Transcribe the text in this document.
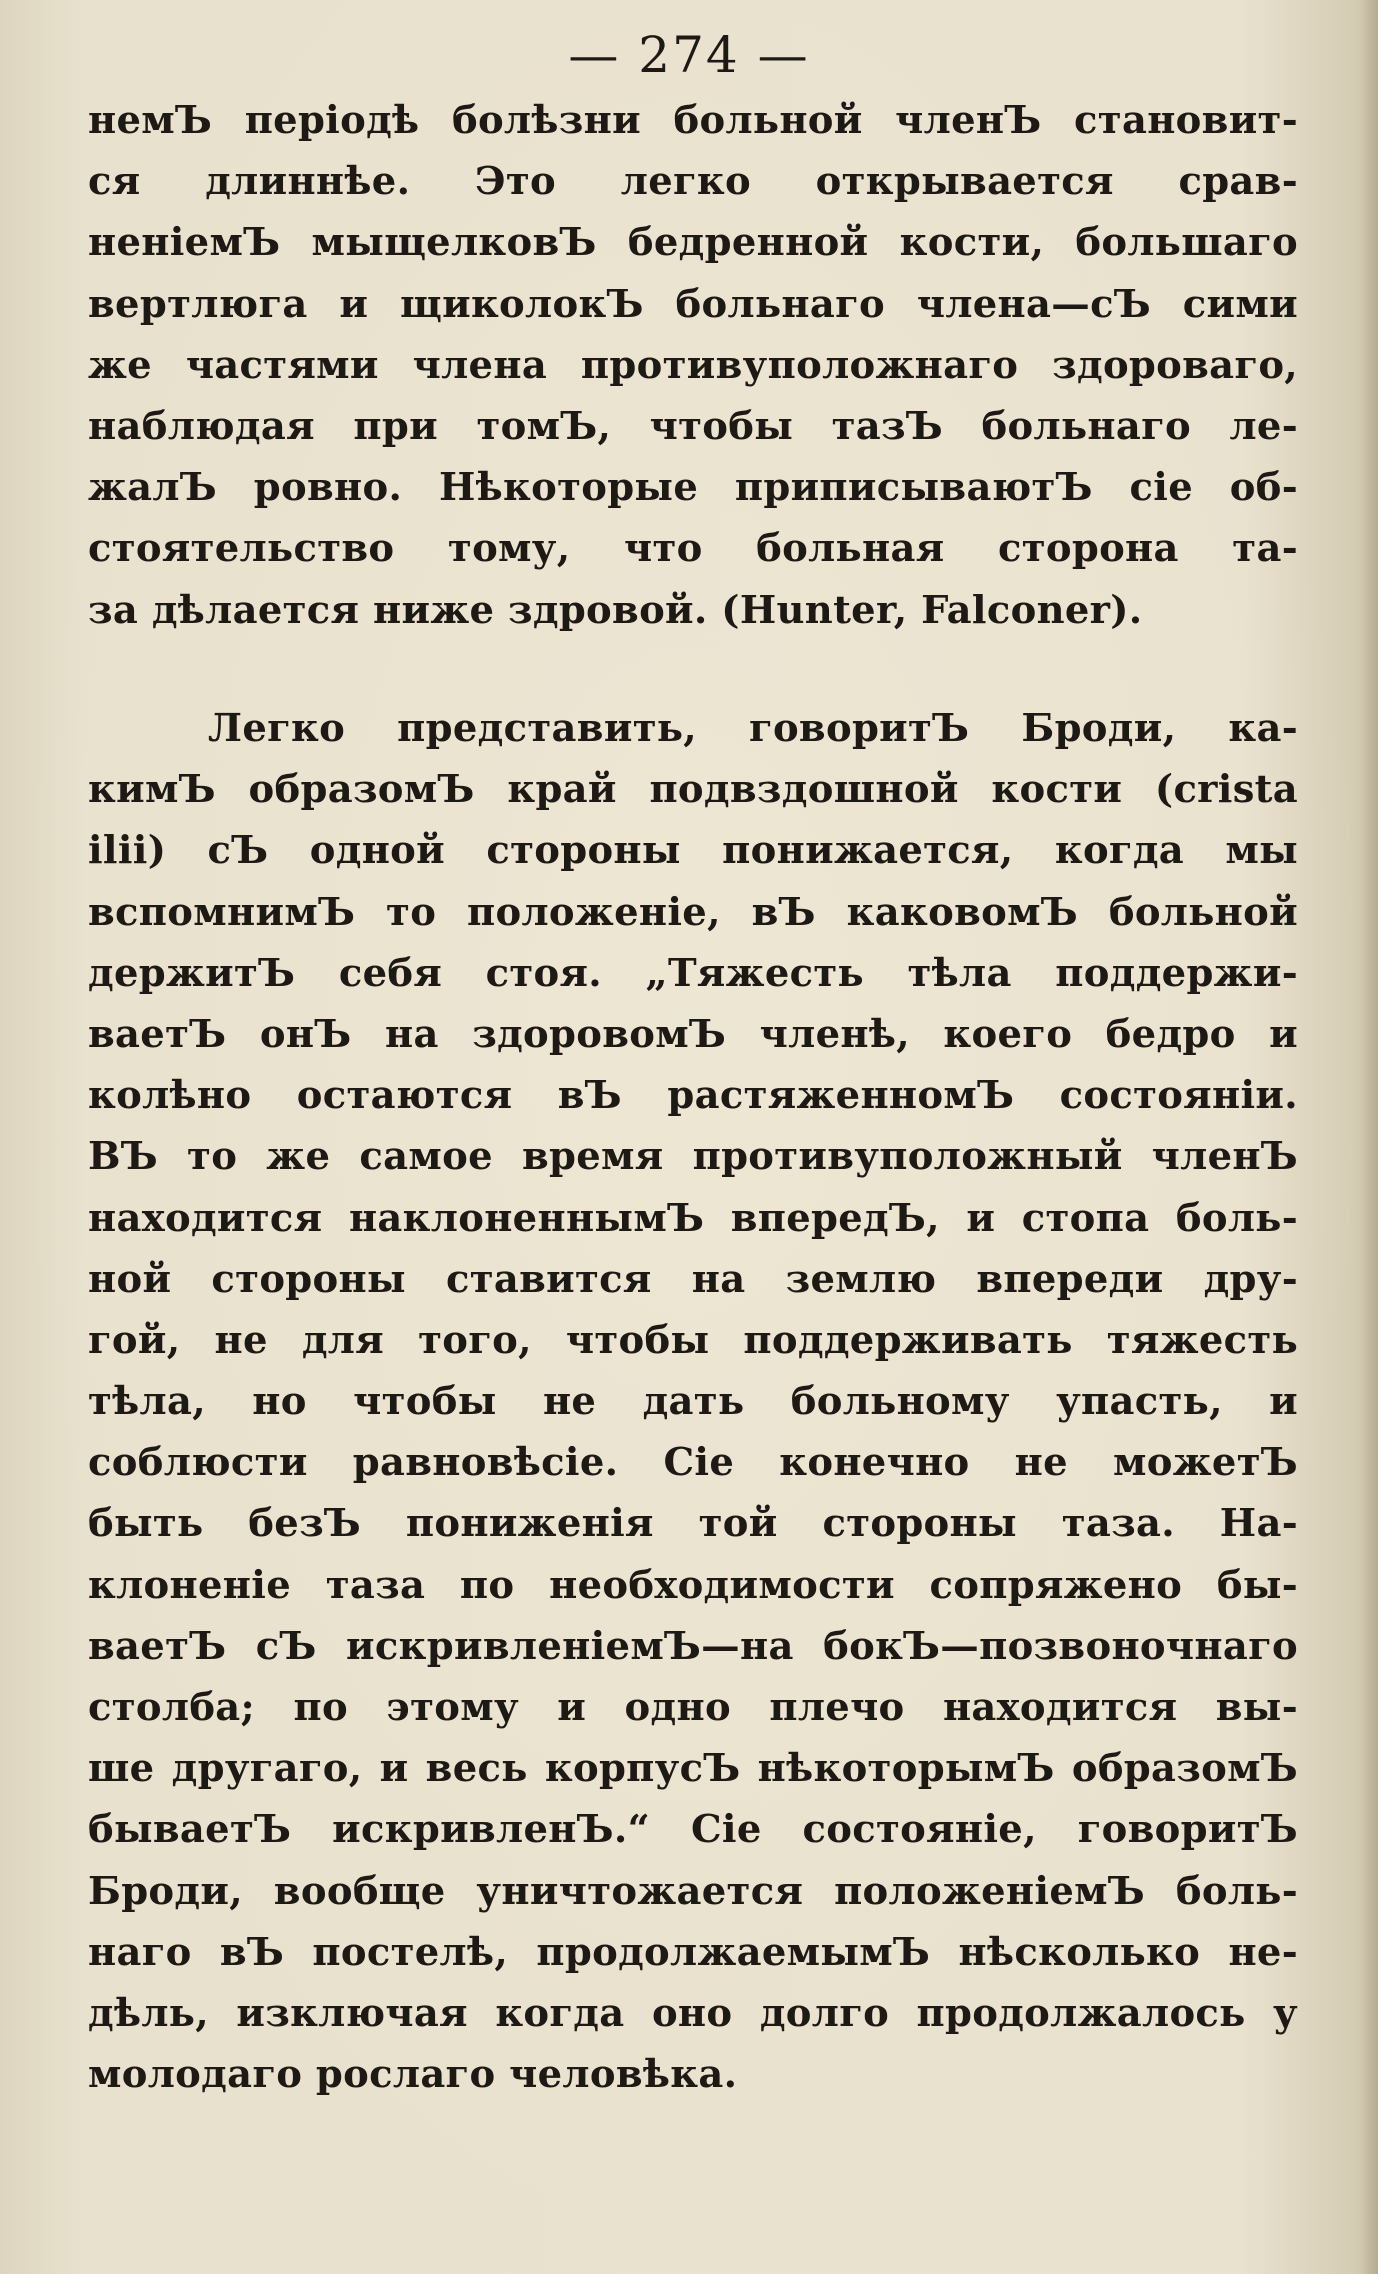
— 274 —
немЪ періодѣ болѣзни больной членЪ становит-
ся длиннѣе. Это легко открывается срав-
неніемЪ мыщелковЪ бедренной кости, большаго
вертлюга и щиколокЪ больнаго члена—сЪ сими
же частями члена противуположнаго здороваго,
наблюдая при томЪ, чтобы тазЪ больнаго ле-
жалЪ ровно. Нѣкоторые приписываютЪ сіе об-
стоятельство тому, что больная сторона та-
за дѣлается ниже здровой. (Hunter, Falconer).
Легко представить, говоритЪ Броди, ка-
кимЪ образомЪ край подвздошной кости (crista
ilii) сЪ одной стороны понижается, когда мы
вспомнимЪ то положеніе, вЪ каковомЪ больной
держитЪ себя стоя. „Тяжесть тѣла поддержи-
ваетЪ онЪ на здоровомЪ членѣ, коего бедро и
колѣно остаются вЪ растяженномЪ состояніи.
ВЪ то же самое время противуположный членЪ
находится наклоненнымЪ впередЪ, и стопа боль-
ной стороны ставится на землю впереди дру-
гой, не для того, чтобы поддерживать тяжесть
тѣла, но чтобы не дать больному упасть, и
соблюсти равновѣсіе. Сіе конечно не можетЪ
быть безЪ пониженія той стороны таза. На-
клоненіе таза по необходимости сопряжено бы-
ваетЪ сЪ искривленіемЪ—на бокЪ—позвоночнаго
столба; по этому и одно плечо находится вы-
ше другаго, и весь корпусЪ нѣкоторымЪ образомЪ
бываетЪ искривленЪ.“ Сіе состояніе, говоритЪ
Броди, вообще уничтожается положеніемЪ боль-
наго вЪ постелѣ, продолжаемымЪ нѣсколько не-
дѣль, изключая когда оно долго продолжалось у
молодаго рослаго человѣка.
